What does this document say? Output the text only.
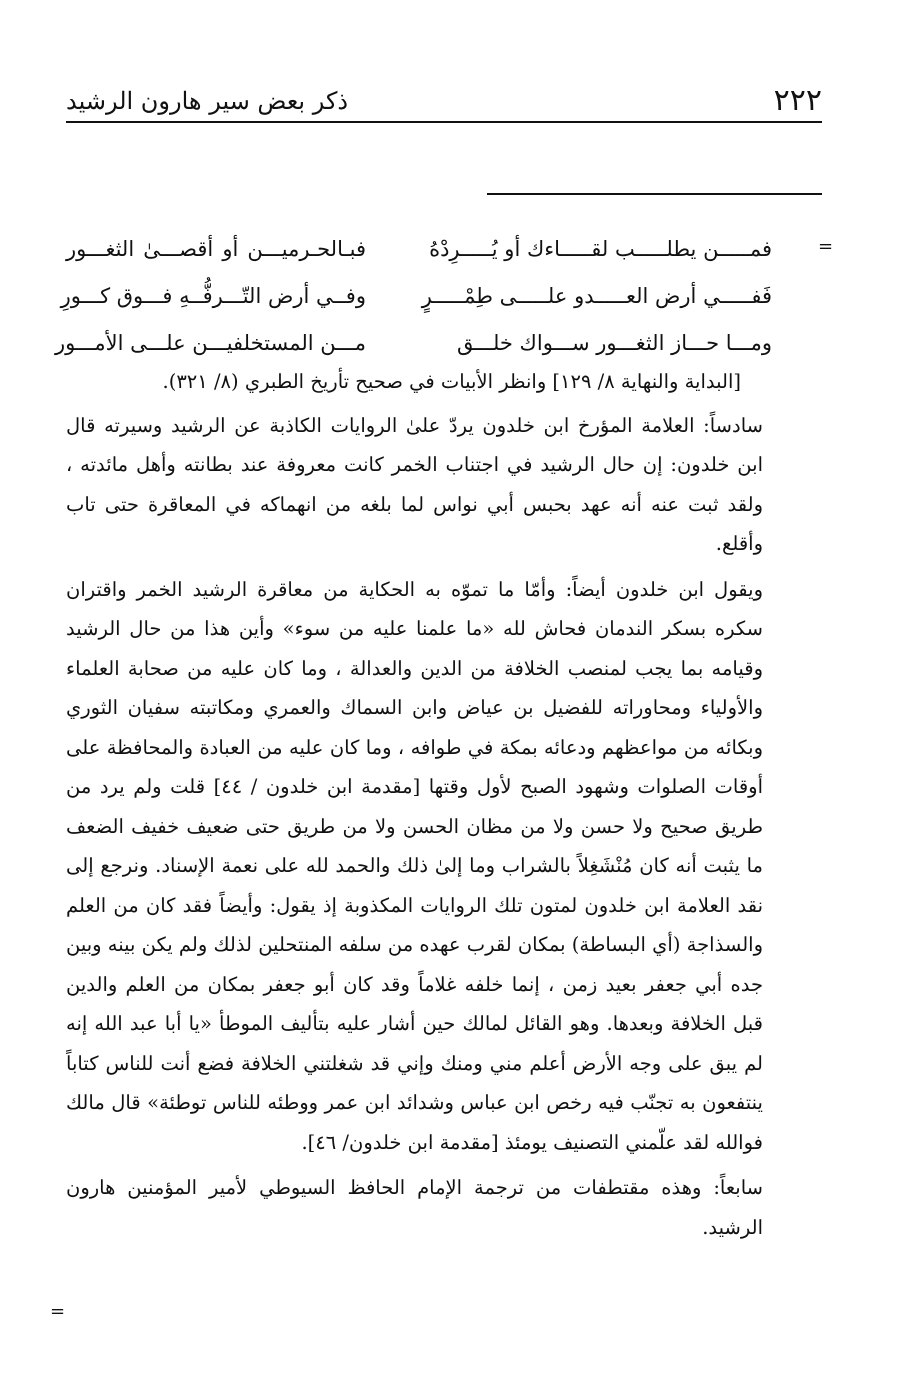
٢٢٢
ذكر بعض سير هارون الرشيد
=
فمـــــن يطلـــــب لقـــــاءك أو يُـــــرِدْهُ
فبـالحـرميـــن أو أقصـــىٰ الثغـــور
فَفـــــي أرض العـــــدو علـــــى طِمْـــــرٍ
وفــي أرض التّـــرفُّــهِ فـــوق كـــورِ
ومـــا حـــاز الثغـــور ســـواك خلـــق
مـــن المستخلفيـــن علـــى الأمـــور

[البداية والنهاية ٨/ ١٢٩] وانظر الأبيات في صحيح تأريخ الطبري (٨/ ٣٢١).

سادساً: العلامة المؤرخ ابن خلدون يردّ علىٰ الروايات الكاذبة عن الرشيد وسيرته قال ابن خلدون: إن حال الرشيد في اجتناب الخمر كانت معروفة عند بطانته وأهل مائدته ، ولقد ثبت عنه أنه عهد بحبس أبي نواس لما بلغه من انهماكه في المعاقرة حتى تاب وأقلع.

ويقول ابن خلدون أيضاً: وأمّا ما تموّه به الحكاية من معاقرة الرشيد الخمر واقتران سكره بسكر الندمان فحاش لله «ما علمنا عليه من سوء» وأين هذا من حال الرشيد وقيامه بما يجب لمنصب الخلافة من الدين والعدالة ، وما كان عليه من صحابة العلماء والأولياء ومحاوراته للفضيل بن عياض وابن السماك والعمري ومكاتبته سفيان الثوري وبكائه من مواعظهم ودعائه بمكة في طوافه ، وما كان عليه من العبادة والمحافظة على أوقات الصلوات وشهود الصبح لأول وقتها [مقدمة ابن خلدون / ٤٤] قلت ولم يرد من طريق صحيح ولا حسن ولا من مظان الحسن ولا من طريق حتى ضعيف خفيف الضعف ما يثبت أنه كان مُنْشَغِلاً بالشراب وما إلىٰ ذلك والحمد لله على نعمة الإسناد. ونرجع إلى نقد العلامة ابن خلدون لمتون تلك الروايات المكذوبة إذ يقول: وأيضاً فقد كان من العلم والسذاجة (أي البساطة) بمكان لقرب عهده من سلفه المنتحلين لذلك ولم يكن بينه وبين جده أبي جعفر بعيد زمن ، إنما خلفه غلاماً وقد كان أبو جعفر بمكان من العلم والدين قبل الخلافة وبعدها. وهو القائل لمالك حين أشار عليه بتأليف الموطأ «يا أبا عبد الله إنه لم يبق على وجه الأرض أعلم مني ومنك وإني قد شغلتني الخلافة فضع أنت للناس كتاباً ينتفعون به تجنّب فيه رخص ابن عباس وشدائد ابن عمر ووطئه للناس توطئة» قال مالك فوالله لقد علّمني التصنيف يومئذ [مقدمة ابن خلدون/ ٤٦].

سابعاً: وهذه مقتطفات من ترجمة الإمام الحافظ السيوطي لأمير المؤمنين هارون الرشيد.

=
